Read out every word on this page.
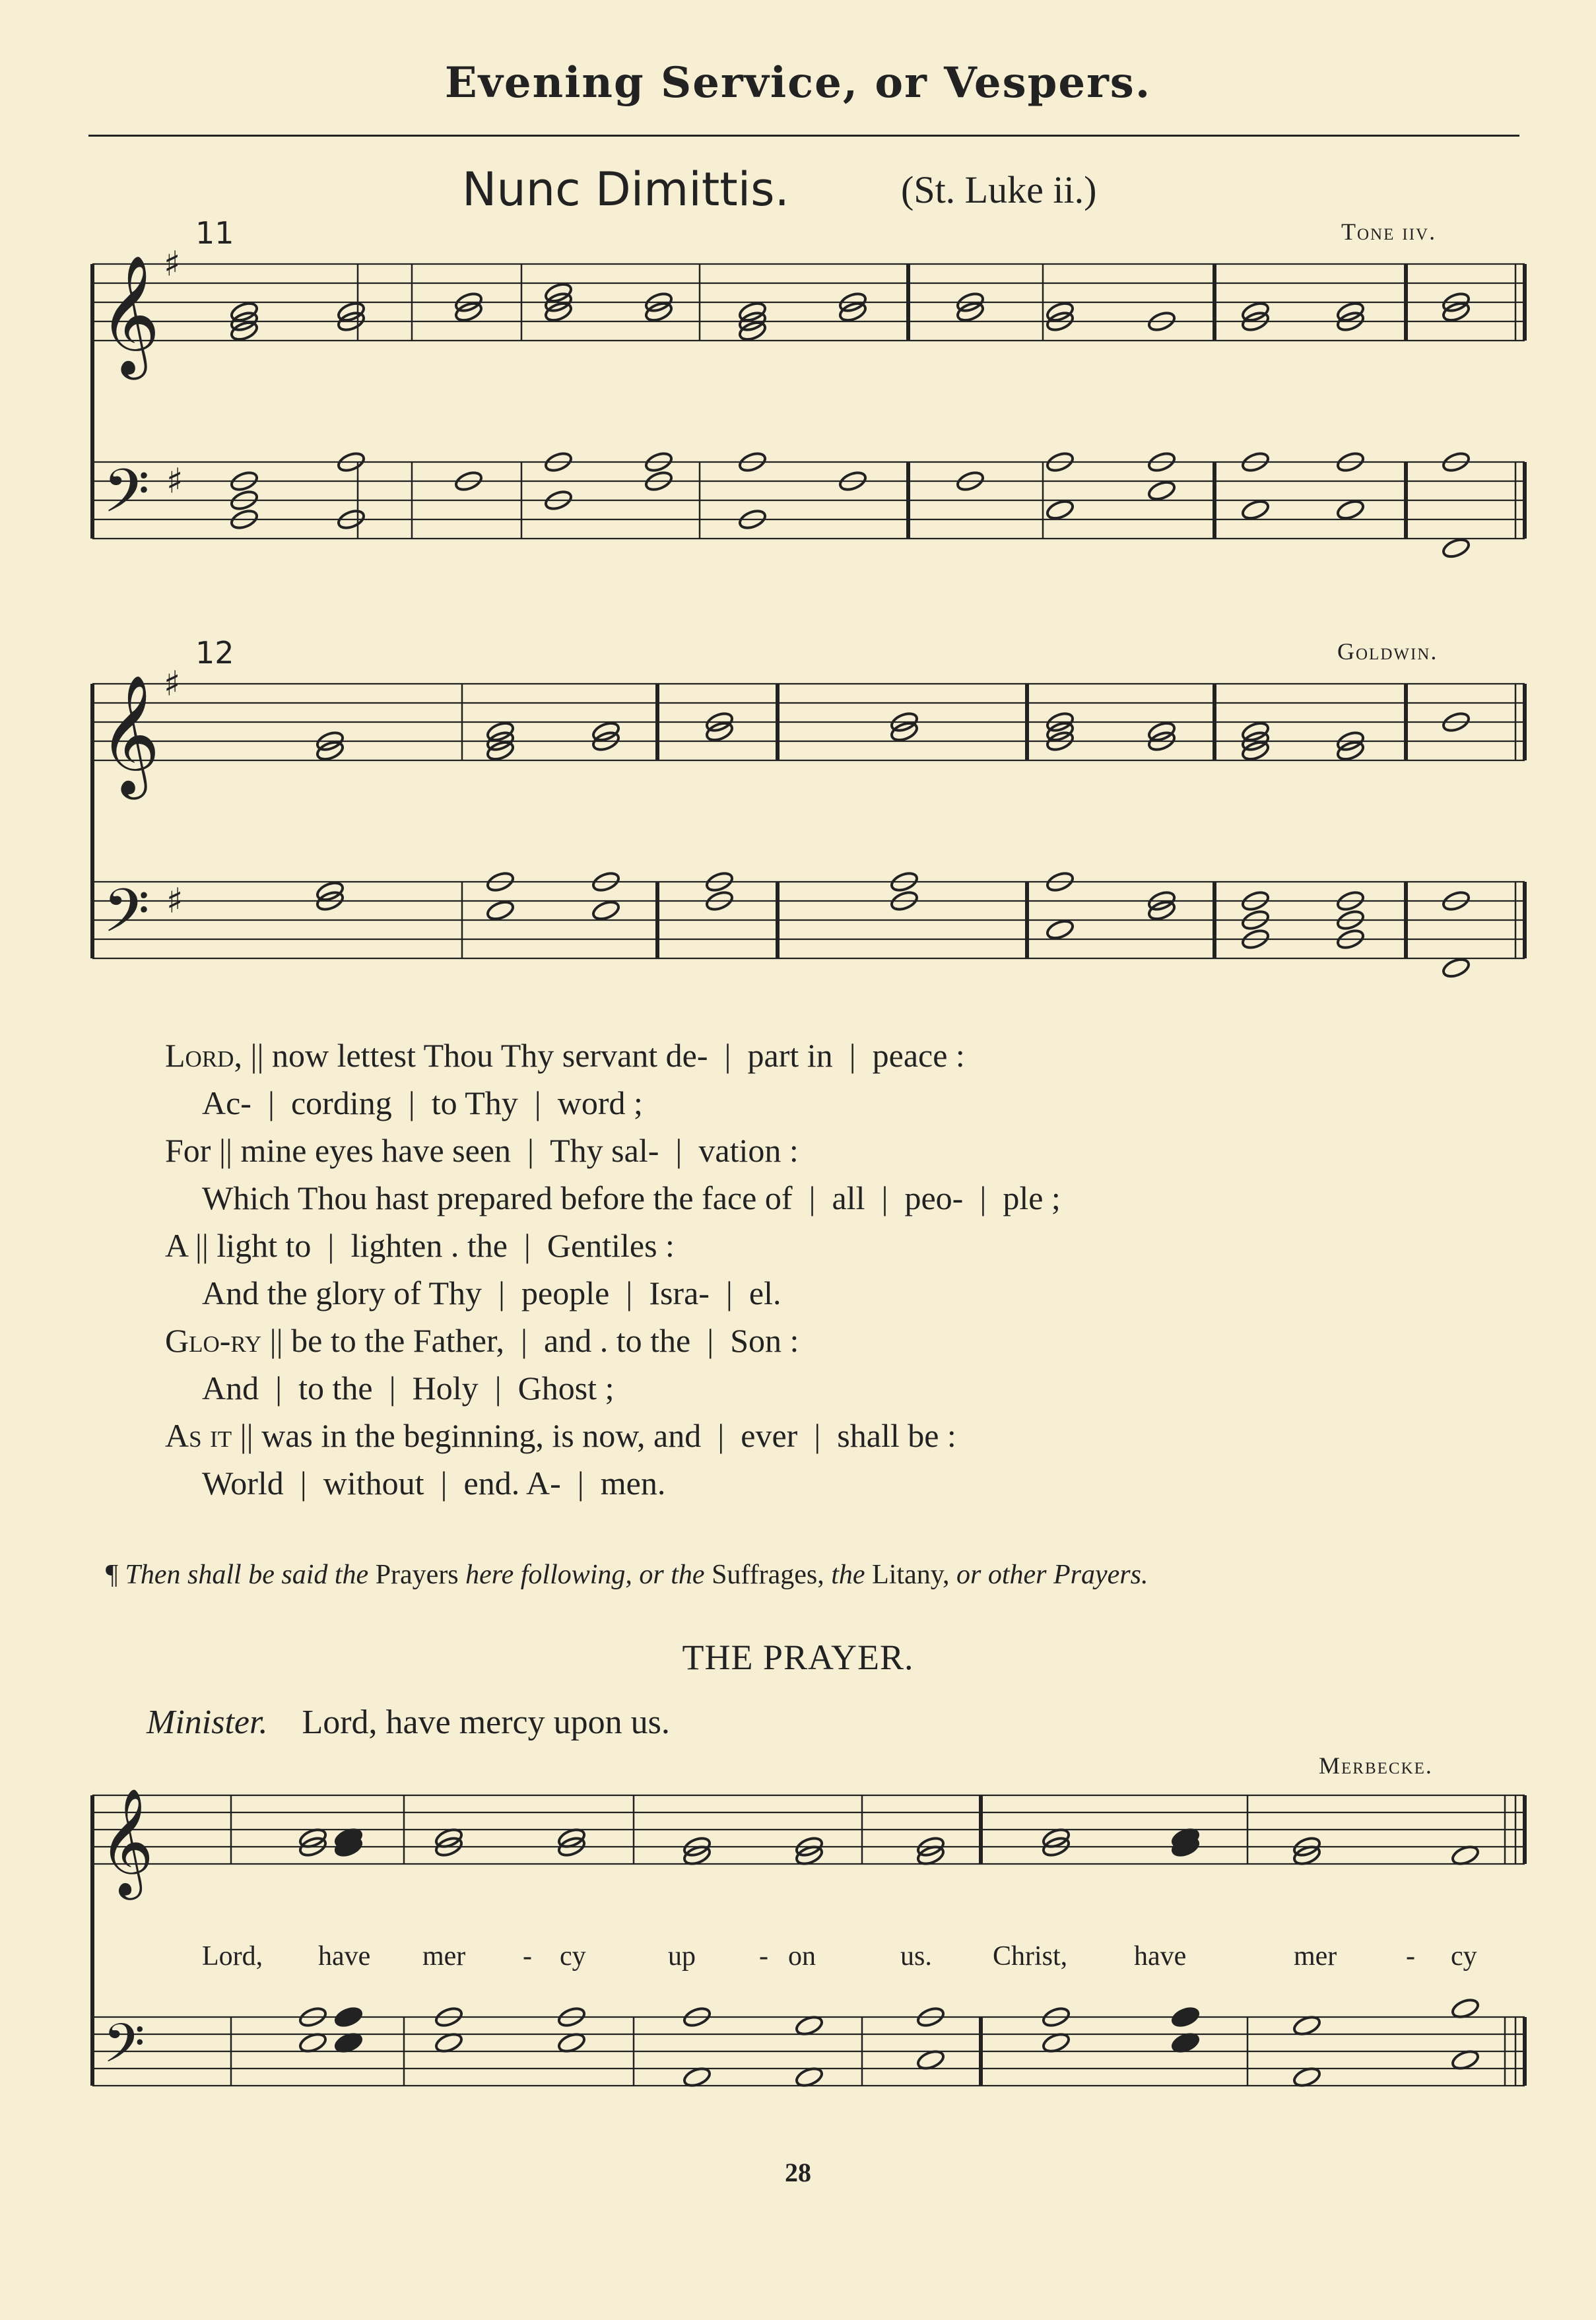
Evening Service, or Vespers.
Nunc Dimittis.	(St. Luke ii.)
11	Tone iiv.
𝄞
𝄢
♯
♯
12	Goldwin.
𝄞
𝄢
♯
♯
Lord, || now lettest Thou Thy servant de-  |  part in  |  peace :
Ac-  |  cording  |  to Thy  |  word ;
For || mine eyes have seen  |  Thy sal-  |  vation :
Which Thou hast prepared before the face of  |  all  |  peo-  |  ple ;
A || light to  |  lighten . the  |  Gentiles :
And the glory of Thy  |  people  |  Isra-  |  el.
Glo-ry || be to the Father,  |  and . to the  |  Son :
And  |  to the  |  Holy  |  Ghost ;
As it || was in the beginning, is now, and  |  ever  |  shall be :
World  |  without  |  end. A-  |  men.
¶ Then shall be said the Prayers here following, or the Suffrages, the Litany, or other Prayers.
THE PRAYER.
Minister. Lord, have mercy upon us.
Merbecke.
𝄞
𝄢
Lord, have mer - cy	up - on	us. Christ, have	mer - cy
28
